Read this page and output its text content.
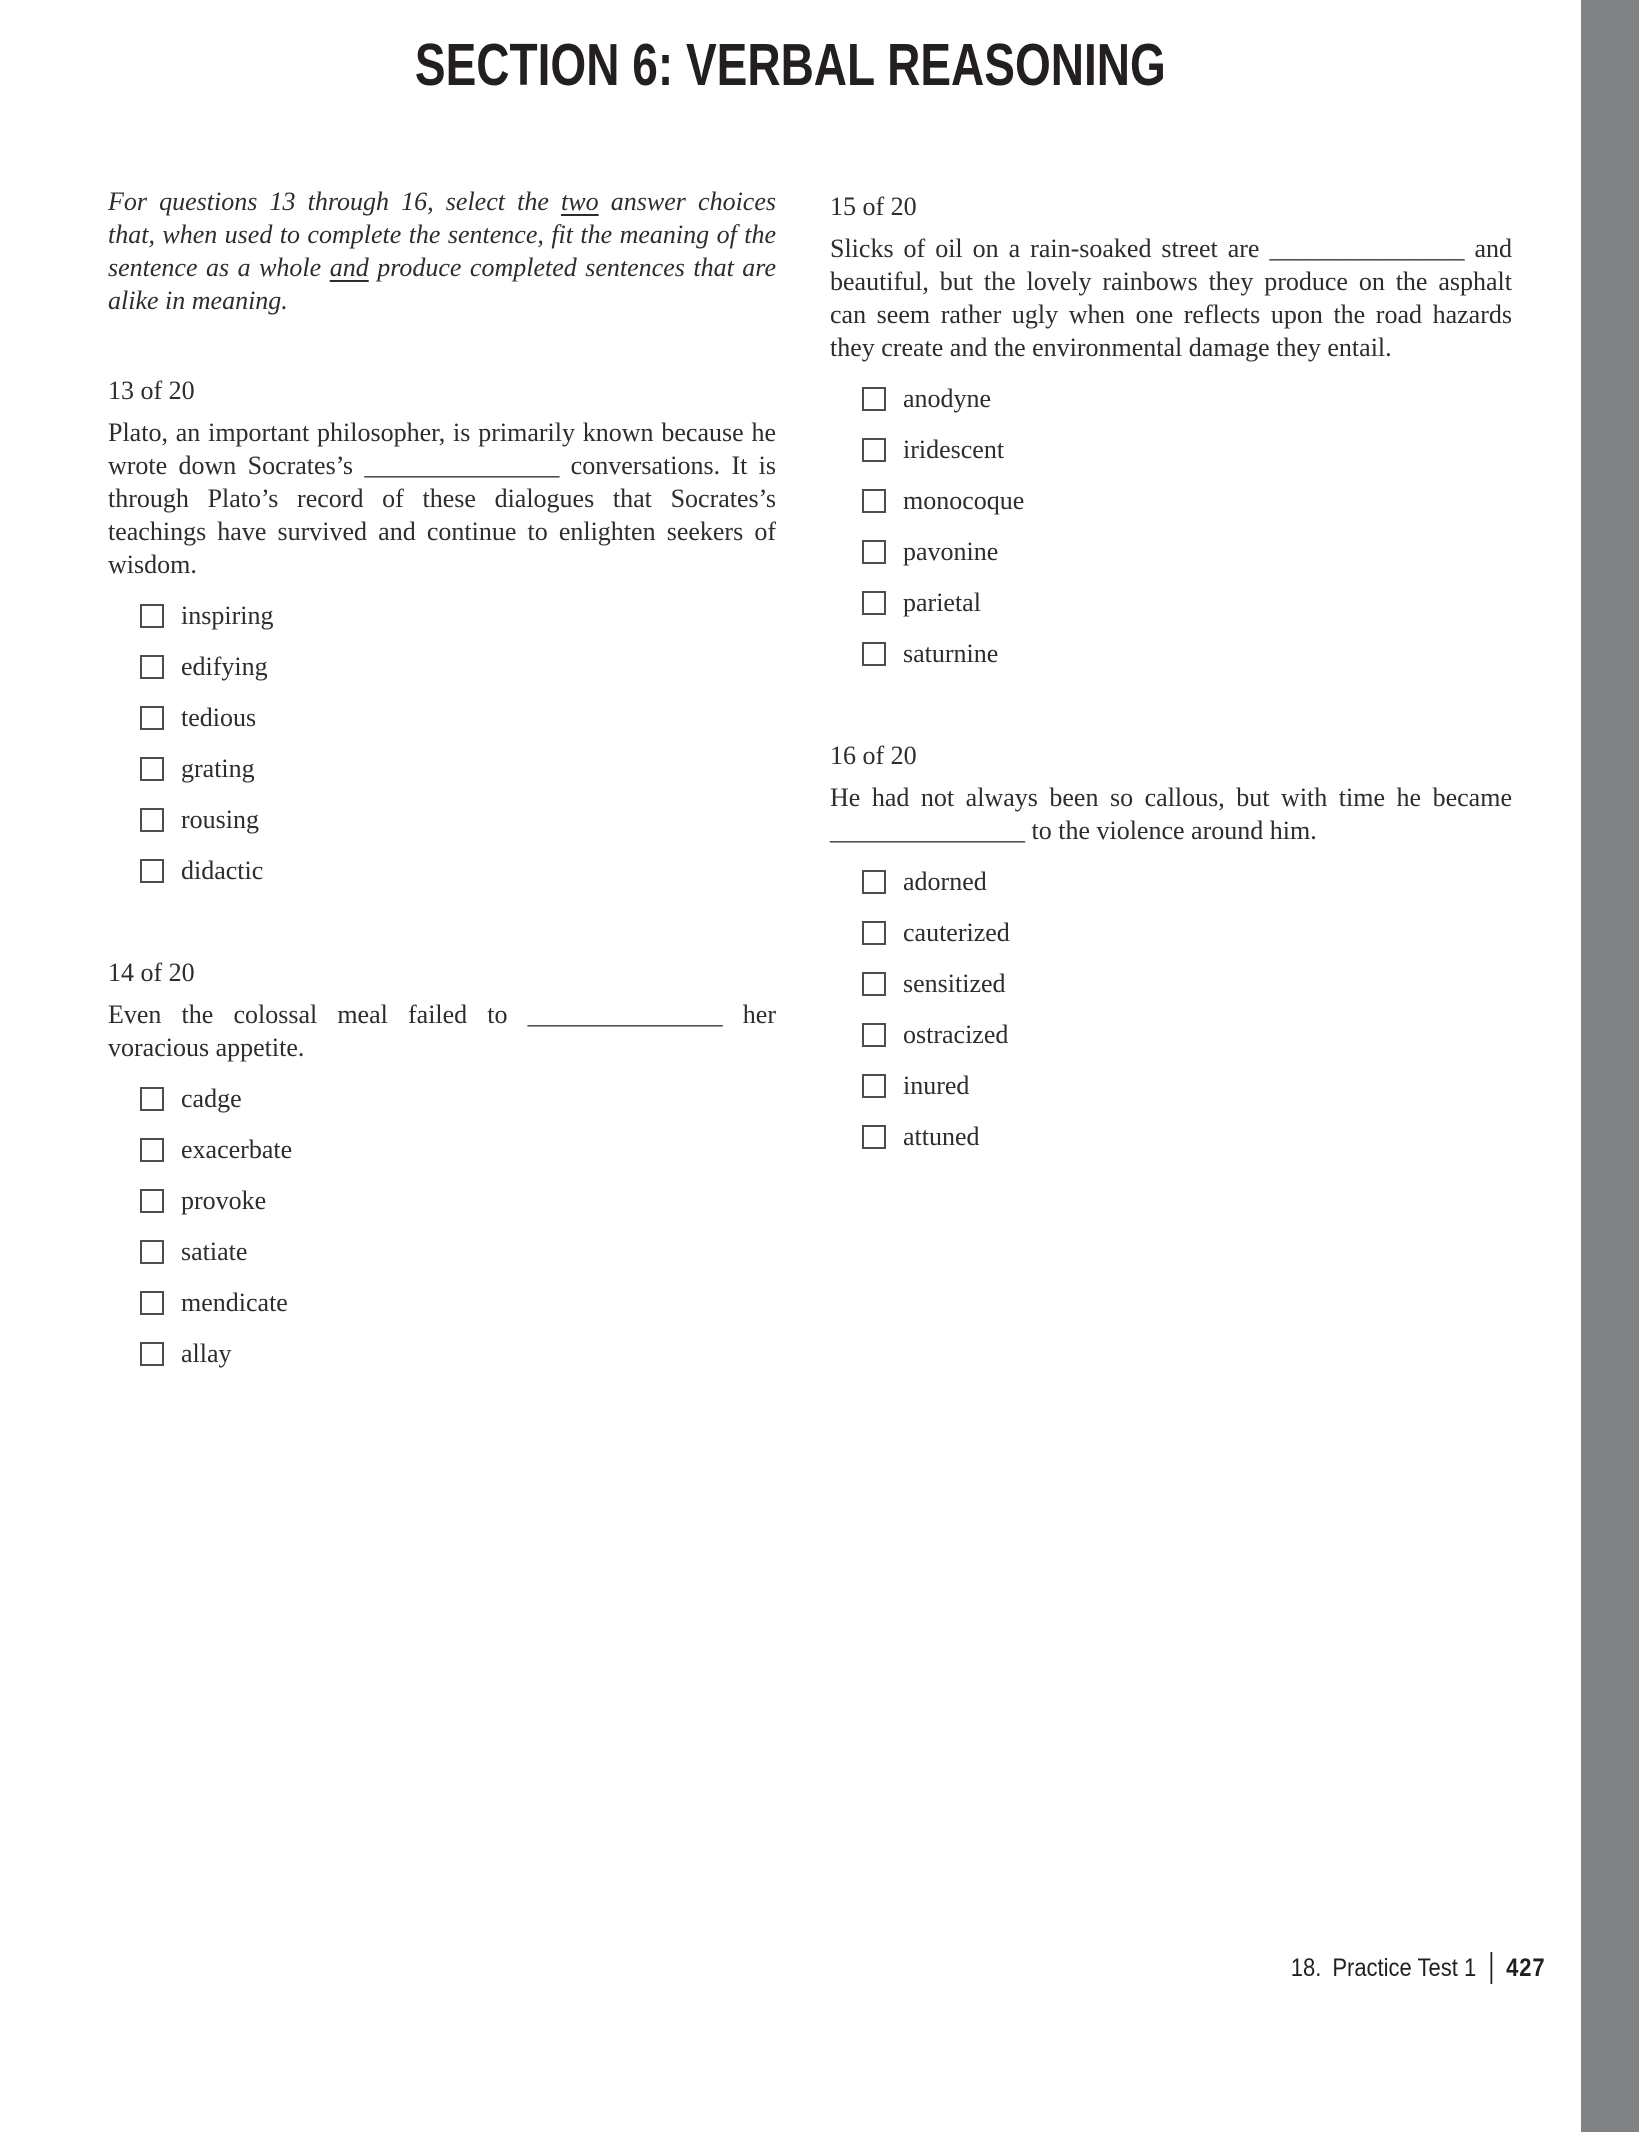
SECTION 6: VERBAL REASONING

For questions 13 through 16, select the two answer choices that, when used to complete the sentence, fit the meaning of the sentence as a whole and produce completed sentences that are alike in meaning.

13 of 20

Plato, an important philosopher, is primarily known because he wrote down Socrates’s _______________ conversations. It is through Plato’s record of these dialogues that Socrates’s teachings have survived and continue to enlighten seekers of wisdom.

inspiring
edifying
tedious
grating
rousing
didactic
14 of 20

Even the colossal meal failed to _______________ her voracious appetite.

cadge
exacerbate
provoke
satiate
mendicate
allay
15 of 20

Slicks of oil on a rain-soaked street are _______________ and beautiful, but the lovely rainbows they produce on the asphalt can seem rather ugly when one reflects upon the road hazards they create and the environmental damage they entail.

anodyne
iridescent
monocoque
pavonine
parietal
saturnine
16 of 20

He had not always been so callous, but with time he became _______________ to the violence around him.

adorned
cauterized
sensitized
ostracized
inured
attuned
18. Practice Test 1 427
